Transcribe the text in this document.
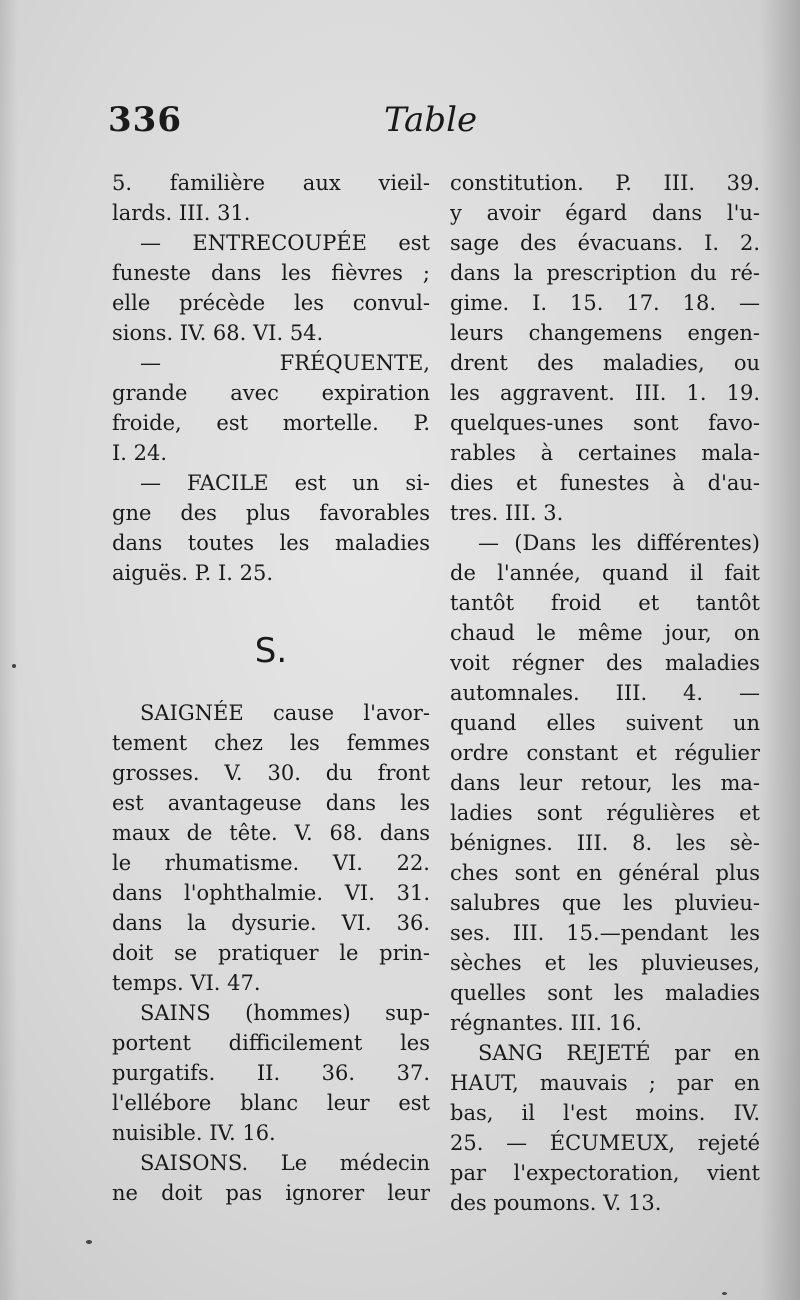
336	Table
5. familière aux vieil-
lards. III. 31.
— ENTRECOUPÉE est
funeste dans les fièvres ;
elle précède les convul-
sions. IV. 68. VI. 54.
— FRÉQUENTE,
grande avec expiration
froide, est mortelle. P.
I. 24.
— FACILE est un si-
gne des plus favorables
dans toutes les maladies
aiguës. P. I. 25.
S.
SAIGNÉE cause l'avor-
tement chez les femmes
grosses. V. 30. du front
est avantageuse dans les
maux de tête. V. 68. dans
le rhumatisme. VI. 22.
dans l'ophthalmie. VI. 31.
dans la dysurie. VI. 36.
doit se pratiquer le prin-
temps. VI. 47.
SAINS (hommes) sup-
portent difficilement les
purgatifs. II. 36. 37.
l'ellébore blanc leur est
nuisible. IV. 16.
SAISONS. Le médecin
ne doit pas ignorer leur
constitution. P. III. 39.
y avoir égard dans l'u-
sage des évacuans. I. 2.
dans la prescription du ré-
gime. I. 15. 17. 18. —
leurs changemens engen-
drent des maladies, ou
les aggravent. III. 1. 19.
quelques-unes sont favo-
rables à certaines mala-
dies et funestes à d'au-
tres. III. 3.
— (Dans les différentes)
de l'année, quand il fait
tantôt froid et tantôt
chaud le même jour, on
voit régner des maladies
automnales. III. 4. —
quand elles suivent un
ordre constant et régulier
dans leur retour, les ma-
ladies sont régulières et
bénignes. III. 8. les sè-
ches sont en général plus
salubres que les pluvieu-
ses. III. 15.—pendant les
sèches et les pluvieuses,
quelles sont les maladies
régnantes. III. 16.
SANG REJETÉ par en
HAUT, mauvais ; par en
bas, il l'est moins. IV.
25. — ÉCUMEUX, rejeté
par l'expectoration, vient
des poumons. V. 13.
